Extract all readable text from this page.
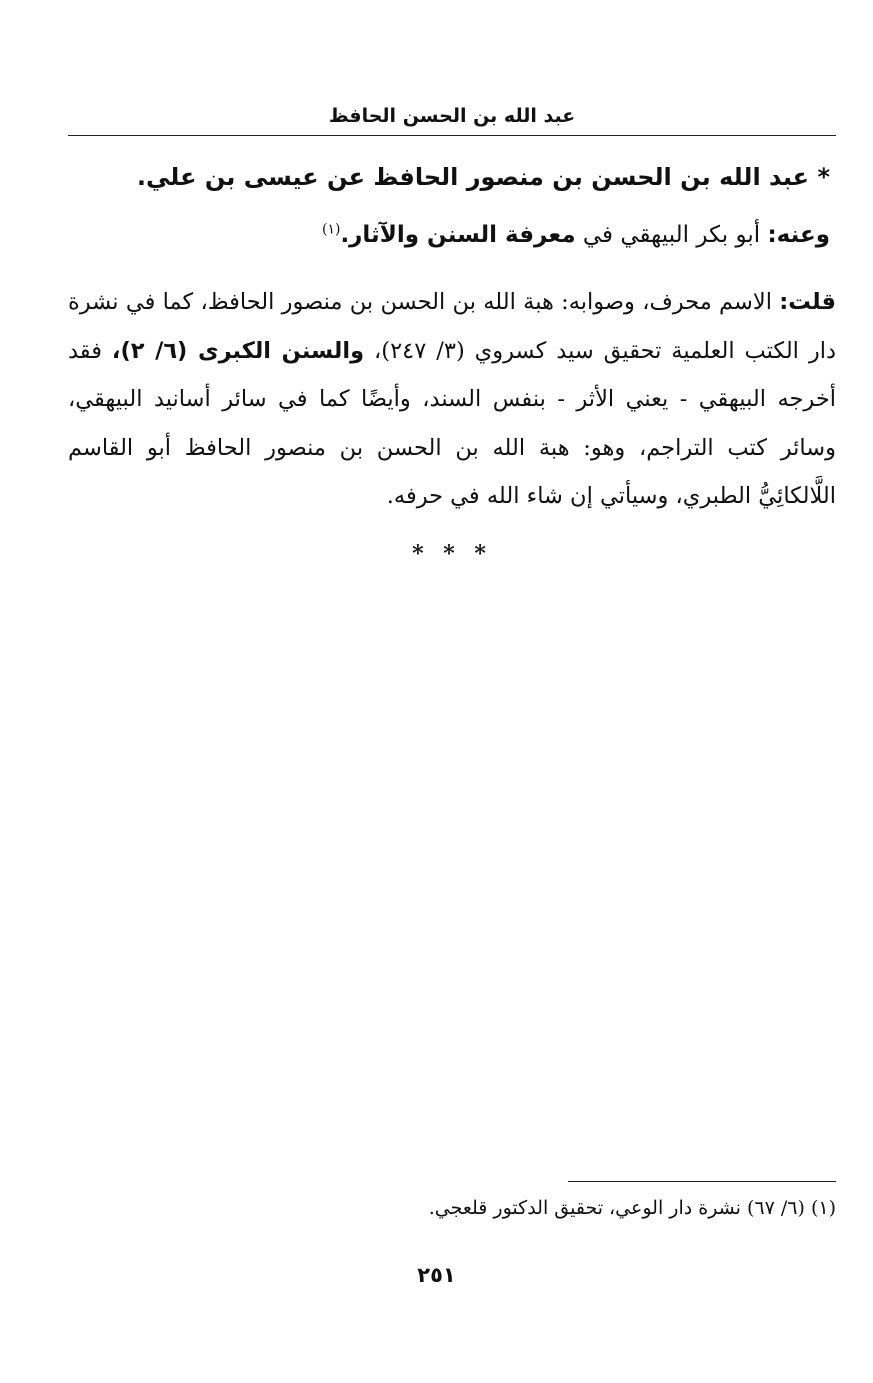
عبد الله بن الحسن الحافظ
* عبد الله بن الحسن بن منصور الحافظ عن عيسى بن علي.
وعنه: أبو بكر البيهقي في معرفة السنن والآثار.$^{(١)}$
قلت: الاسم محرف، وصوابه: هبة الله بن الحسن بن منصور الحافظ، كما في نشرة دار الكتب العلمية تحقيق سيد كسروي (٣/ ٢٤٧)، والسنن الكبرى (٦/ ٢)، فقد أخرجه البيهقي - يعني الأثر - بنفس السند، وأيضًا كما في سائر أسانيد البيهقي، وسائر كتب التراجم، وهو: هبة الله بن الحسن بن منصور الحافظ أبو القاسم اللَّالكائِيُّ الطبري، وسيأتي إن شاء الله في حرفه.
* * *
(١) (٦/ ٦٧) نشرة دار الوعي، تحقيق الدكتور قلعجي.
٢٥١
